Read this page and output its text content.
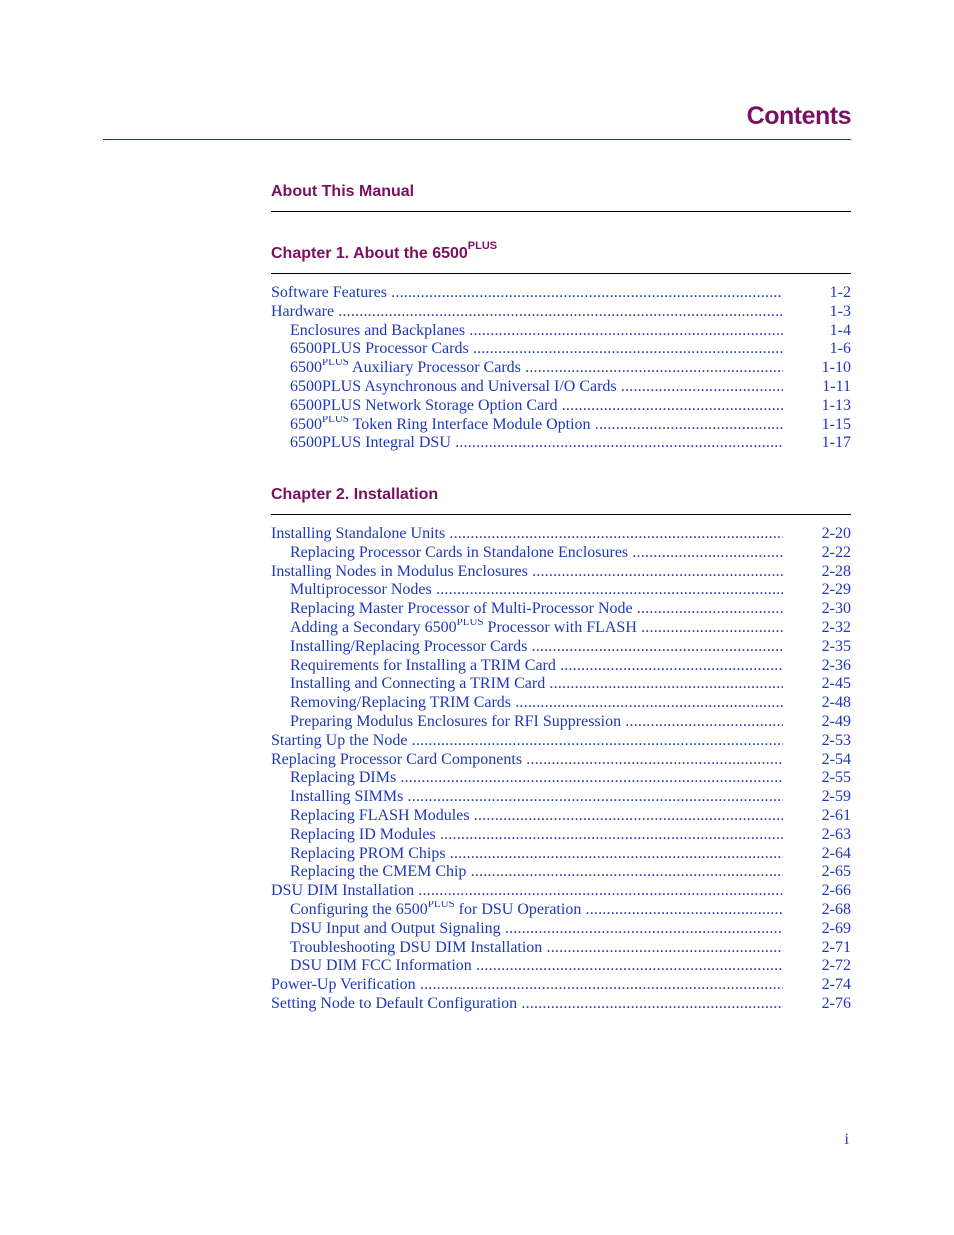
Contents
About This Manual
Chapter 1. About the $6500^{PLUS}$
Software Features .....	1-2
Hardware .....	1-3
Enclosures and Backplanes .....	1-4
6500PLUS Processor Cards .....	1-6
$6500^{PLUS}$ Auxiliary Processor Cards .....	1-10
6500PLUS Asynchronous and Universal I/O Cards .....	1-11
6500PLUS Network Storage Option Card .....	1-13
$6500^{PLUS}$ Token Ring Interface Module Option .....	1-15
6500PLUS Integral DSU .....	1-17
Chapter 2. Installation
Installing Standalone Units .....	2-20
Replacing Processor Cards in Standalone Enclosures .....	2-22
Installing Nodes in Modulus Enclosures .....	2-28
Multiprocessor Nodes .....	2-29
Replacing Master Processor of Multi-Processor Node .....	2-30
Adding a Secondary $6500^{PLUS}$ Processor with FLASH .....	2-32
Installing/Replacing Processor Cards .....	2-35
Requirements for Installing a TRIM Card .....	2-36
Installing and Connecting a TRIM Card .....	2-45
Removing/Replacing TRIM Cards .....	2-48
Preparing Modulus Enclosures for RFI Suppression .....	2-49
Starting Up the Node .....	2-53
Replacing Processor Card Components .....	2-54
Replacing DIMs .....	2-55
Installing SIMMs .....	2-59
Replacing FLASH Modules .....	2-61
Replacing ID Modules .....	2-63
Replacing PROM Chips .....	2-64
Replacing the CMEM Chip .....	2-65
DSU DIM Installation .....	2-66
Configuring the $6500^{PLUS}$ for DSU Operation .....	2-68
DSU Input and Output Signaling .....	2-69
Troubleshooting DSU DIM Installation .....	2-71
DSU DIM FCC Information .....	2-72
Power-Up Verification .....	2-74
Setting Node to Default Configuration .....	2-76
i
